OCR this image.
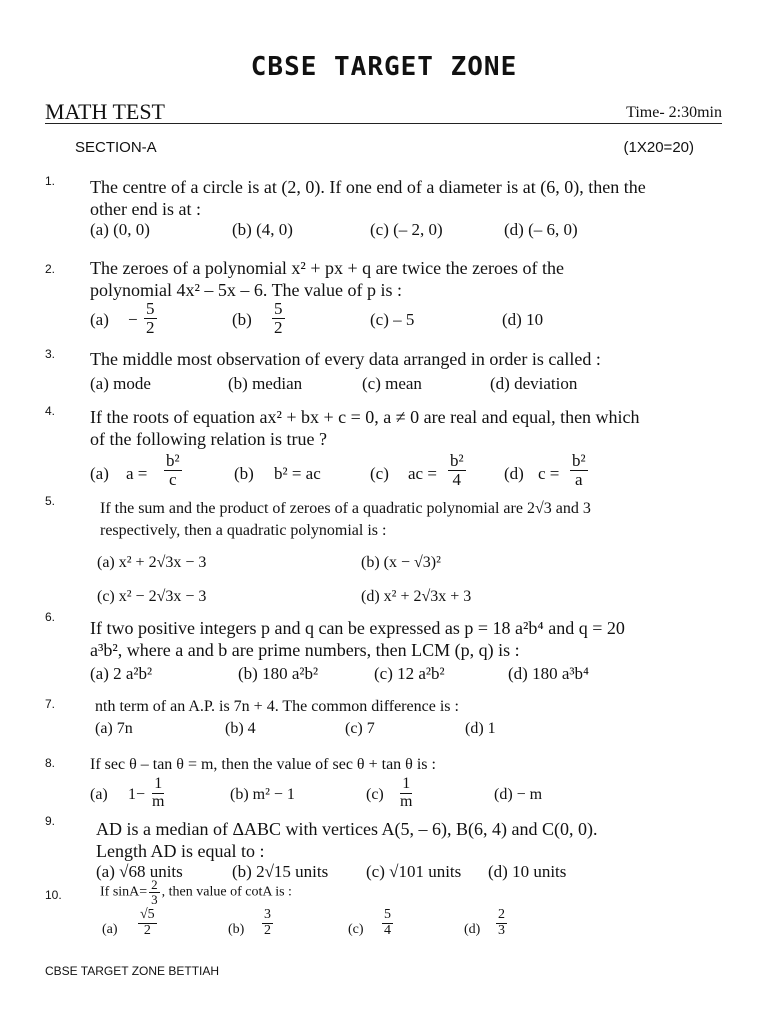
CBSE TARGET ZONE
MATH TEST	Time- 2:30min
SECTION-A	(1X20=20)
1. The centre of a circle is at (2, 0). If one end of a diameter is at (6, 0), then the other end is at :
(a) (0, 0)	(b) (4, 0)	(c) (– 2, 0)	(d) (– 6, 0)
2. The zeroes of a polynomial x² + px + q are twice the zeroes of the polynomial 4x² – 5x – 6. The value of p is :
$(a) - \frac{5}{2}$	$(b) \frac{5}{2}$	(c) – 5	(d) 10
3. The middle most observation of every data arranged in order is called :
(a) mode	(b) median	(c) mean	(d) deviation
4. If the roots of equation ax² + bx + c = 0, a ≠ 0 are real and equal, then which of the following relation is true ?
(a) $a = \frac{\text{b²}}{c}$	(b) b² = ac	(c) ac = $\frac{\text{b²}}{4} (d) c = \frac{\text{b²}}{a}$
5.	If the sum and the product of zeroes of a quadratic polynomial are 2√3 and 3 respectively, then a quadratic polynomial is :
(a) x² + 2√3x − 3	(b) (x − √3)²
(c) x² − 2√3x − 3	(d) x² + 2√3x + 3
6.
If two positive integers p and q can be expressed as p = 18 a²b⁴ and q = 20 a³b², where a and b are prime numbers, then LCM (p, q) is :
(a) 2 a²b²	(b) 180 a²b²	(c) 12 a²b²	(d) 180 a³b⁴
7. nth term of an A.P. is 7n + 4. The common difference is :
(a) 7n	(b) 4	(c) 7	(d) 1
8. If sec θ – tan θ = m, then the value of sec θ + tan θ is :
(a) $1- \frac{1}{m}$	(b) m² − 1	$(c) \frac{1}{m}$	(d) − m
9. AD is a median of ΔABC with vertices A(5, – 6), B(6, 4) and C(0, 0). Length AD is equal to :
(a) √68 units	(b) 2√15 units (c) √101 units (d) 10 units
10.	If $\sin A= \frac{2}{3}$ , then value of cotA is :
$(a) \frac{√5}{2}$	$(b) \frac{3}{2}$	$(c) \frac{5}{4}$	$(d) \frac{2}{3}$
CBSE TARGET ZONE BETTIAH
